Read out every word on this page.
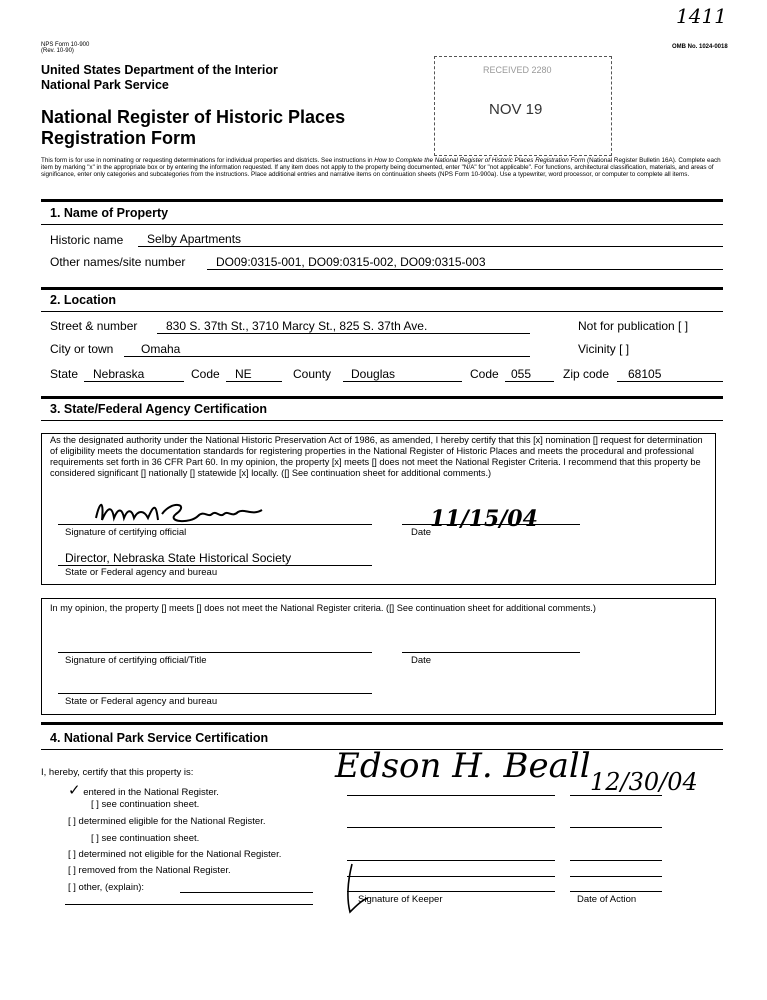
1411
NPS Form 10-900
(Rev. 10-90)
OMB No. 1024-0018
United States Department of the Interior
National Park Service
National Register of Historic Places
Registration Form
RECEIVED 2280
NOV 19
This form is for use in nominating or requesting determinations for individual properties and districts. See instructions in How to Complete the National Register of Historic Places Registration Form (National Register Bulletin 16A). Complete each item by marking "x" in the appropriate box or by entering the information requested. If any item does not apply to the property being documented, enter "N/A" for "not applicable". For functions, architectural classification, materials, and areas of significance, enter only categories and subcategories from the instructions. Place additional entries and narrative items on continuation sheets (NPS Form 10-900a). Use a typewriter, word processor, or computer to complete all items.
1. Name of Property
Historic name Selby Apartments
Other names/site number	DO09:0315-001, DO09:0315-002, DO09:0315-003
2. Location
Street & number 830 S. 37th St., 3710 Marcy St., 825 S. 37th Ave.	Not for publication [ ]
City or town Omaha	Vicinity [ ]
State Nebraska	Code NE	County Douglas	Code 055	Zip code 68105
3. State/Federal Agency Certification
As the designated authority under the National Historic Preservation Act of 1986, as amended, I hereby certify that this [x] nomination [] request for determination of eligibility meets the documentation standards for registering properties in the National Register of Historic Places and meets the procedural and professional requirements set forth in 36 CFR Part 60. In my opinion, the property [x] meets [] does not meet the National Register Criteria. I recommend that this property be considered significant [] nationally [] statewide [x] locally. ([] See continuation sheet for additional comments.)
Lawrence Sommer
Signature of certifying official
11/15/04
Date
Director, Nebraska State Historical Society
State or Federal agency and bureau
In my opinion, the property [] meets [] does not meet the National Register criteria. ([] See continuation sheet for additional comments.)
Signature of certifying official/Title	Date
State or Federal agency and bureau
4. National Park Service Certification
I, hereby, certify that this property is:
✓ entered in the National Register.
[ ] see continuation sheet.
[ ] determined eligible for the National Register.
[ ] see continuation sheet.
[ ] determined not eligible for the National Register.
[ ] removed from the National Register.
[ ] other, (explain):
Edson H. Beall 12/30/04
Signature of Keeper	Date of Action
